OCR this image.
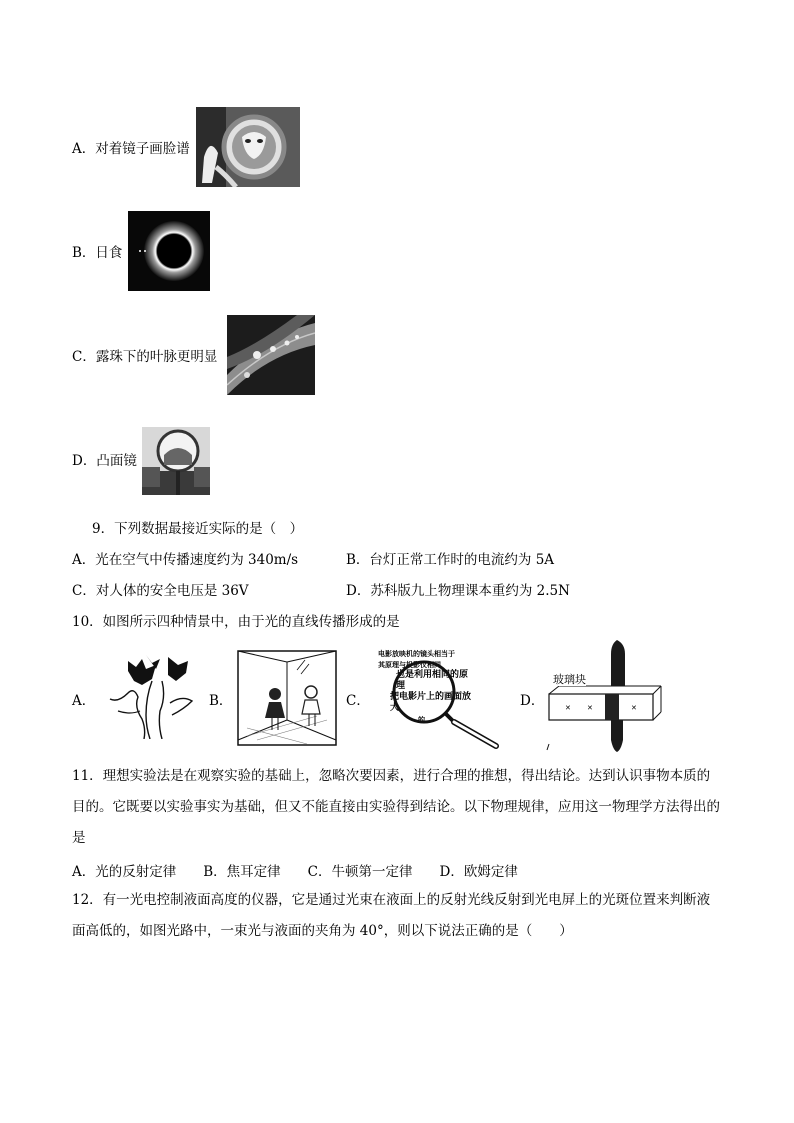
A．对着镜子画脸谱
B．日食
C．露珠下的叶脉更明显
D．凸面镜
9．下列数据最接近实际的是（　）
A．光在空气中传播速度约为 340m/s	B．台灯正常工作时的电流约为 5A
C．对人体的安全电压是 36V	D．苏科版九上物理课本重约为 2.5N
10．如图所示四种情景中，由于光的直线传播形成的是
A．	B．	C．
电影放映机的镜头相当于
其原理与投影仪相同
也是利用相同的原理
把电影片上的画面放大
的
D．	✕ ✕	✕
玻璃块
11．理想实验法是在观察实验的基础上，忽略次要因素，进行合理的推想，得出结论。达到认识事物本质的目的。它既要以实验事实为基础，但又不能直接由实验得到结论。以下物理规律，应用这一物理学方法得出的是
A．光的反射定律　　B．焦耳定律　　C．牛顿第一定律　　D．欧姆定律
12．有一光电控制液面高度的仪器，它是通过光束在液面上的反射光线反射到光电屏上的光斑位置来判断液面高低的，如图光路中，一束光与液面的夹角为 40°，则以下说法正确的是（　　）
